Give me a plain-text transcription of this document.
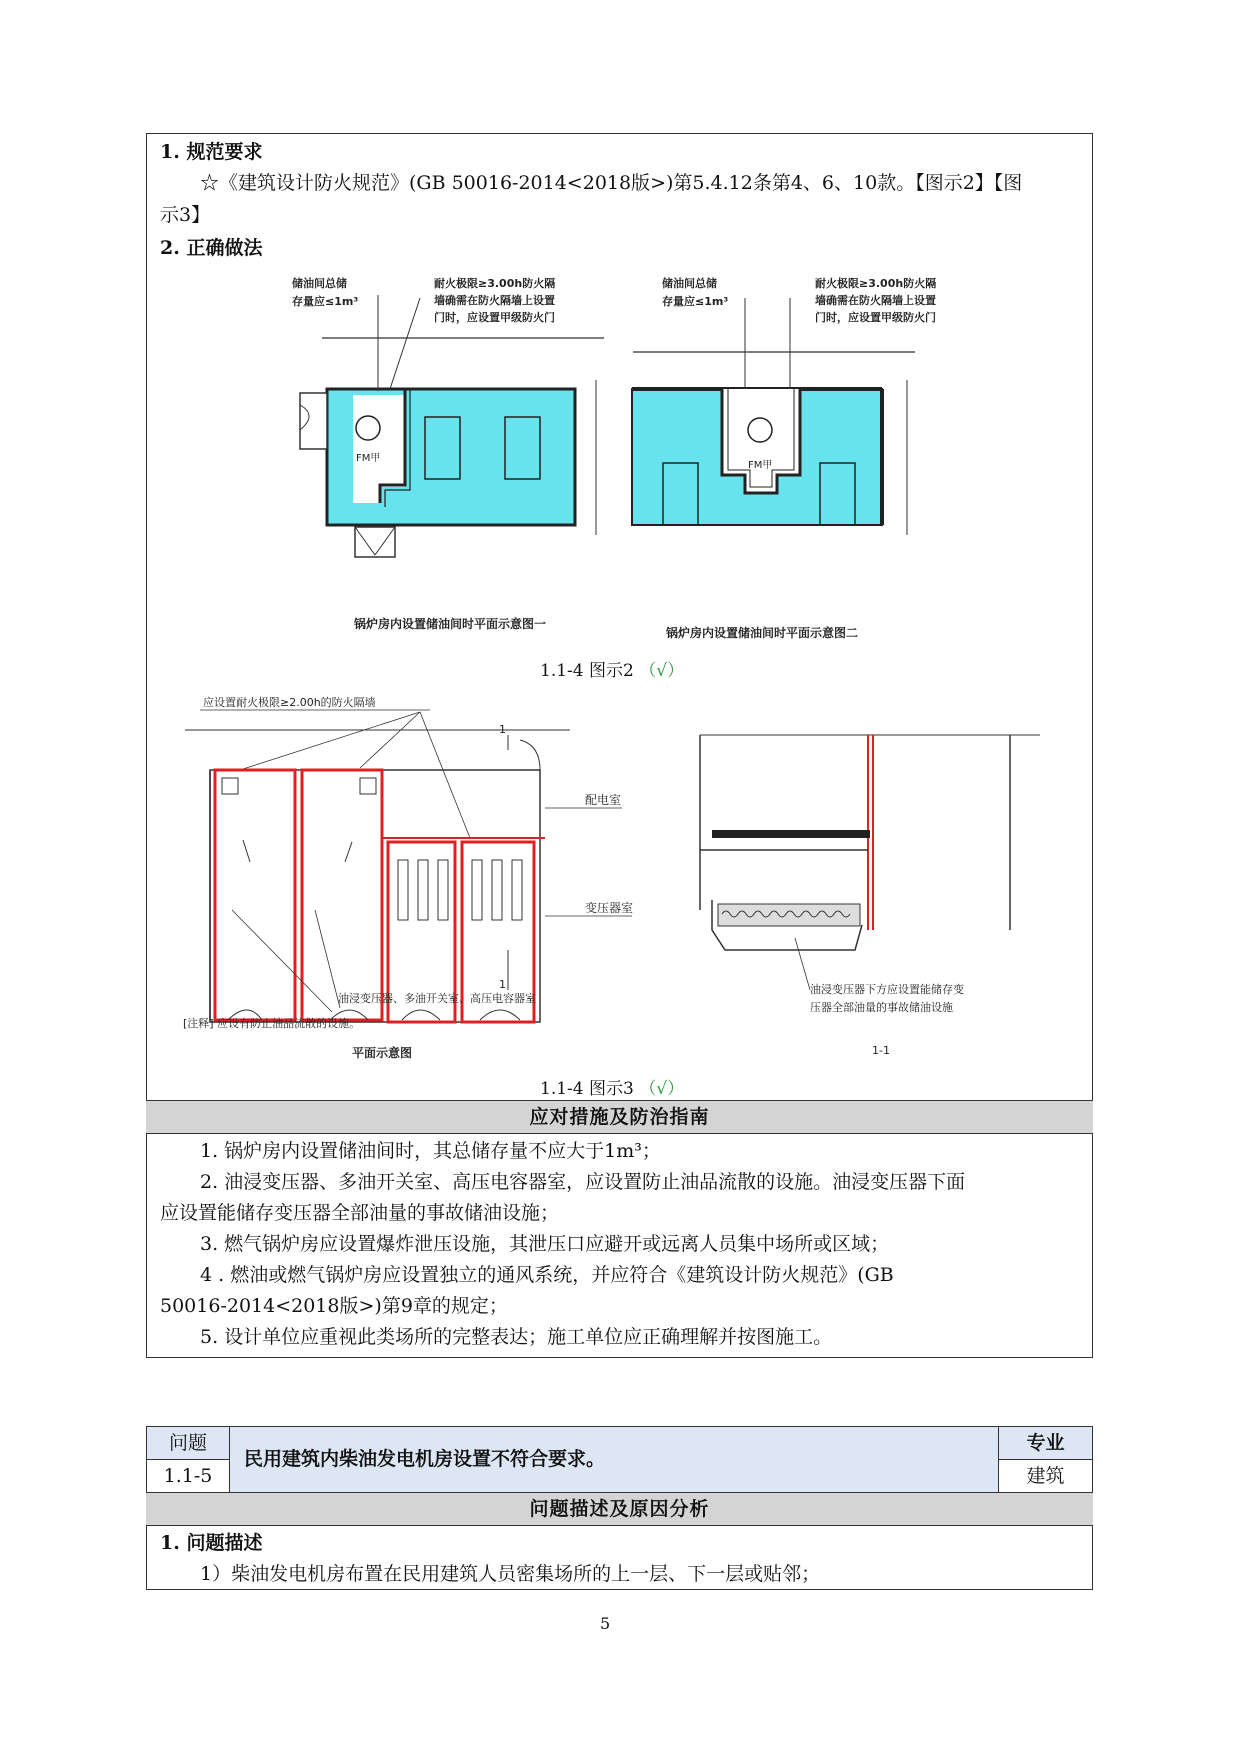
1. 规范要求
☆《建筑设计防火规范》(GB 50016-2014<2018版>)第5.4.12条第4、6、10款。【图示2】【图
示3】
2. 正确做法
FM甲
储油间总储
存量应≤1m³
耐火极限≥3.00h防火隔
墙确需在防火隔墙上设置
门时，应设置甲级防火门
锅炉房内设置储油间时平面示意图一
FM甲
储油间总储
存量应≤1m³
耐火极限≥3.00h防火隔
墙确需在防火隔墙上设置
门时，应设置甲级防火门
锅炉房内设置储油间时平面示意图二
1.1-4 图示2 （√）
应设置耐火极限≥2.00h的防火隔墙
1
1
配电室
变压器室
油浸变压器、多油开关室、高压电容器室
[注释] 应设有防止油品流散的设施。
平面示意图
油浸变压器下方应设置能储存变
压器全部油量的事故储油设施
1-1
1.1-4 图示3 （√）
应对措施及防治指南
1. 锅炉房内设置储油间时，其总储存量不应大于1m³；
2. 油浸变压器、多油开关室、高压电容器室，应设置防止油品流散的设施。油浸变压器下面
应设置能储存变压器全部油量的事故储油设施；
3. 燃气锅炉房应设置爆炸泄压设施，其泄压口应避开或远离人员集中场所或区域；
4 . 燃油或燃气锅炉房应设置独立的通风系统，并应符合《建筑设计防火规范》(GB
50016-2014<2018版>)第9章的规定；
5. 设计单位应重视此类场所的完整表达；施工单位应正确理解并按图施工。
问题
1.1-5
民用建筑内柴油发电机房设置不符合要求。
专业
建筑
问题描述及原因分析
1. 问题描述
1）柴油发电机房布置在民用建筑人员密集场所的上一层、下一层或贴邻；
5
